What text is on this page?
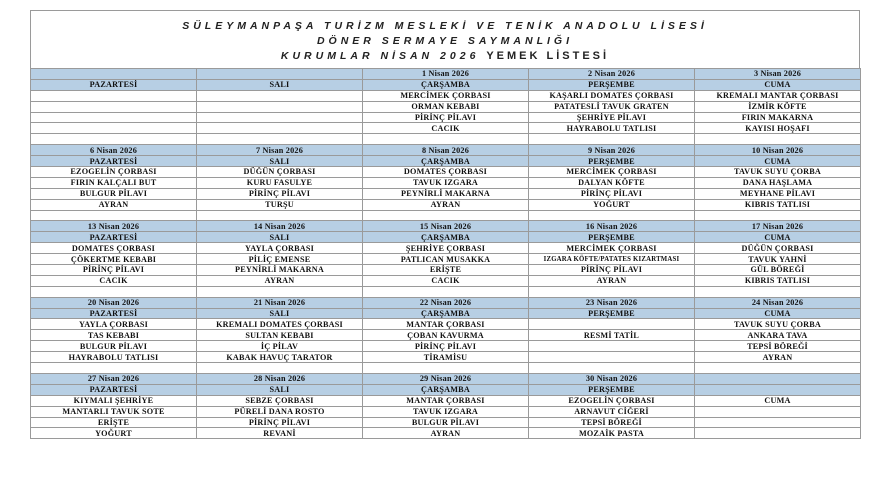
SÜLEYMANPAŞA TURİZM MESLEKİ VE TENİK ANADOLU LİSESİ
DÖNER SERMAYE SAYMANLIĞI
KURUMLAR NİSAN 2026 YEMEK LİSTESİ
		1 Nisan 2026	2 Nisan 2026	3 Nisan 2026
PAZARTESİ	SALI	ÇARŞAMBA	PERŞEMBE	CUMA
		MERCİMEK ÇORBASI	KAŞARLI DOMATES ÇORBASI	KREMALI MANTAR ÇORBASI
		ORMAN KEBABI	PATATESLİ TAVUK GRATEN	İZMİR KÖFTE
		PİRİNÇ PİLAVI	ŞEHRİYE PİLAVI	FIRIN MAKARNA
		CACIK	HAYRABOLU TATLISI	KAYISI HOŞAFI

6 Nisan 2026	7 Nisan 2026	8 Nisan 2026	9 Nisan 2026	10 Nisan 2026
PAZARTESİ	SALI	ÇARŞAMBA	PERŞEMBE	CUMA
EZOGELİN ÇORBASI	DÜĞÜN ÇORBASI	DOMATES ÇORBASI	MERCİMEK ÇORBASI	TAVUK SUYU ÇORBA
FIRIN KALÇALI BUT	KURU FASULYE	TAVUK IZGARA	DALYAN KÖFTE	DANA HAŞLAMA
BULGUR PİLAVI	PİRİNÇ PİLAVI	PEYNİRLİ MAKARNA	PİRİNÇ PİLAVI	MEYHANE PİLAVI
AYRAN	TURŞU	AYRAN	YOĞURT	KIBRIS TATLISI

13 Nisan 2026	14 Nisan 2026	15 Nisan 2026	16 Nisan 2026	17 Nisan 2026
PAZARTESİ	SALI	ÇARŞAMBA	PERŞEMBE	CUMA
DOMATES ÇORBASI	YAYLA ÇORBASI	ŞEHRİYE ÇORBASI	MERCİMEK ÇORBASI	DÜĞÜN ÇORBASI
ÇÖKERTME KEBABI	PİLİÇ EMENSE	PATLICAN MUSAKKA	IZGARA KÖFTE/PATATES KIZARTMASI	TAVUK YAHNİ
PİRİNÇ PİLAVI	PEYNİRLİ MAKARNA	ERİŞTE	PİRİNÇ PİLAVI	GÜL BÖREĞİ
CACIK	AYRAN	CACIK	AYRAN	KIBRIS TATLISI

20 Nisan 2026	21 Nisan 2026	22 Nisan 2026	23 Nisan 2026	24 Nisan 2026
PAZARTESİ	SALI	ÇARŞAMBA	PERŞEMBE	CUMA
YAYLA ÇORBASI	KREMALI DOMATES ÇORBASI	MANTAR ÇORBASI		TAVUK SUYU ÇORBA
TAS KEBABI	SULTAN KEBABI	ÇOBAN KAVURMA	RESMİ TATİL	ANKARA TAVA
BULGUR PİLAVI	İÇ PİLAV	PİRİNÇ PİLAVI		TEPSİ BÖREĞİ
HAYRABOLU TATLISI	KABAK HAVUÇ TARATOR	TİRAMİSU		AYRAN

27 Nisan 2026	28 Nisan 2026	29 Nisan 2026	30 Nisan 2026	
PAZARTESİ	SALI	ÇARŞAMBA	PERŞEMBE	
KIYMALI ŞEHRİYE	SEBZE ÇORBASI	MANTAR ÇORBASI	EZOGELİN ÇORBASI	CUMA
MANTARLI TAVUK SOTE	PÜRELİ DANA ROSTO	TAVUK IZGARA	ARNAVUT CİĞERİ	
ERİŞTE	PİRİNÇ PİLAVI	BULGUR PİLAVI	TEPSİ BÖREĞİ	
YOĞURT	REVANİ	AYRAN	MOZAİK PASTA	
